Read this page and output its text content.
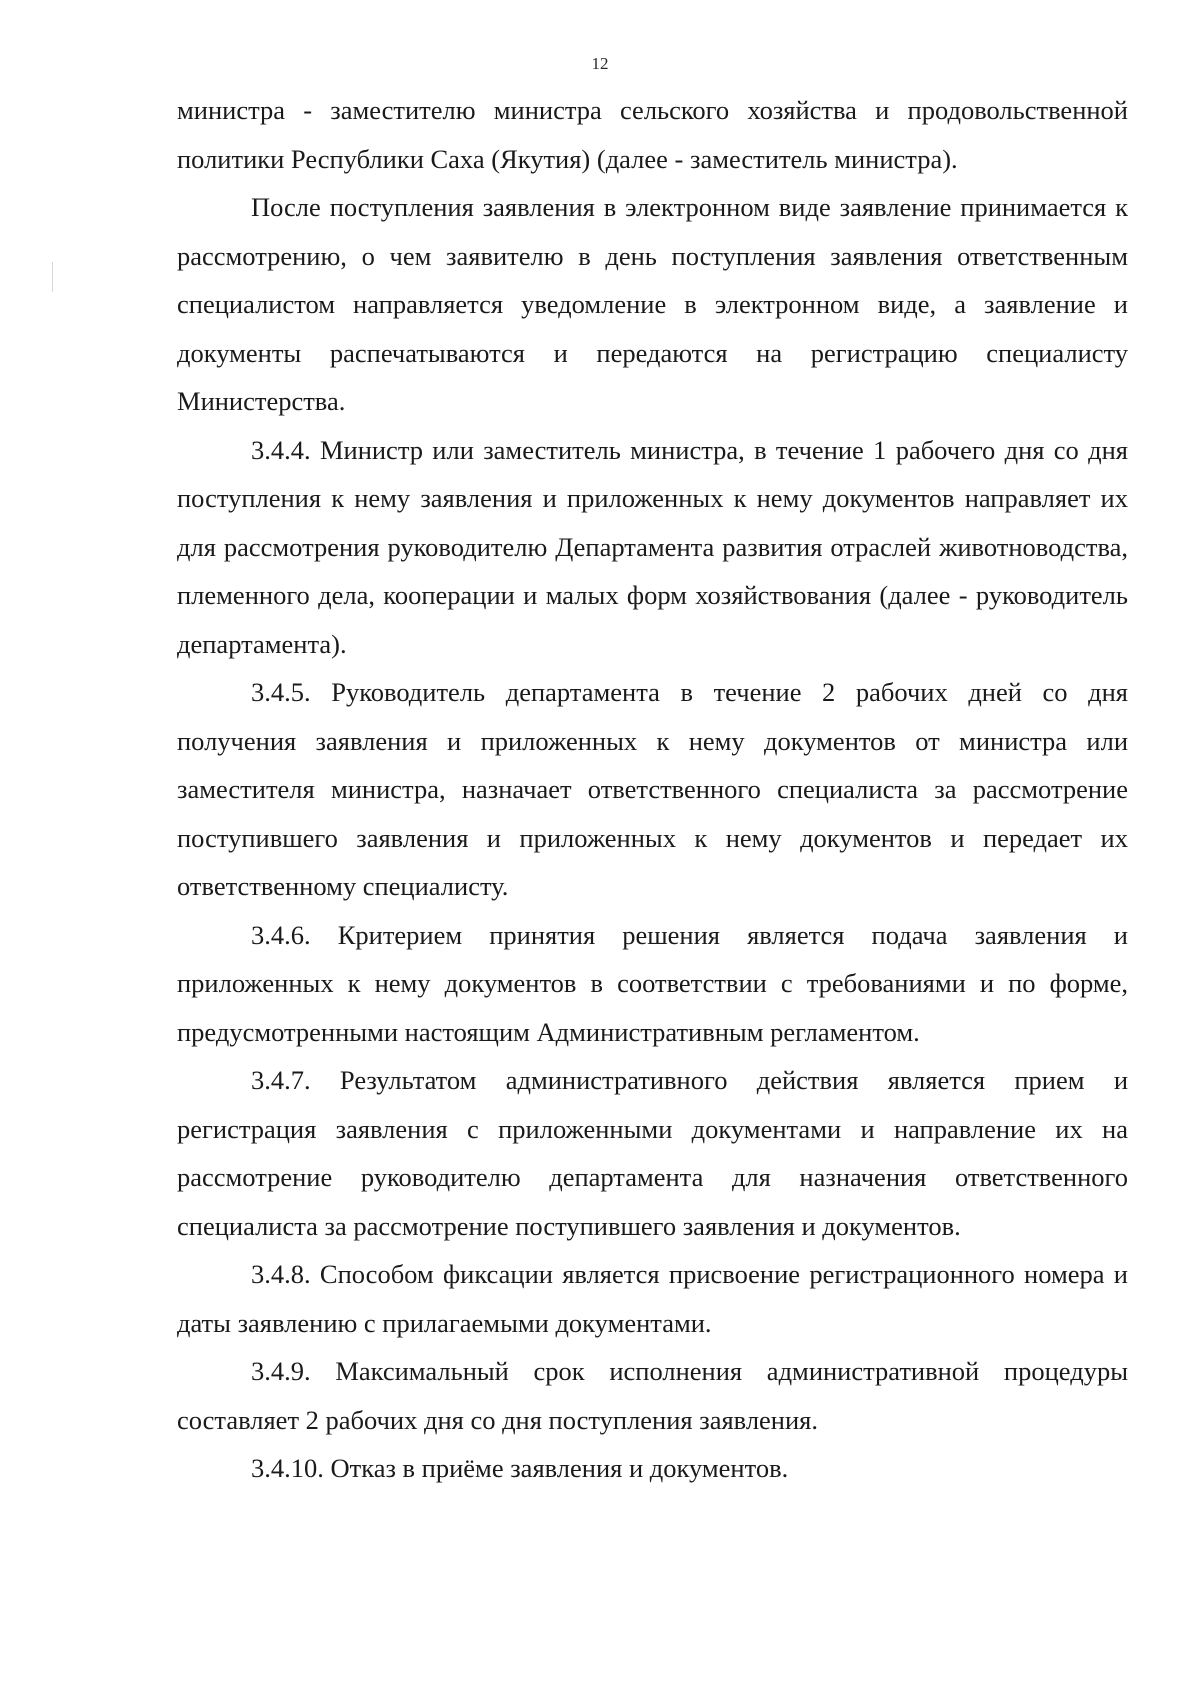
12

министра - заместителю министра сельского хозяйства и продовольственной политики Республики Саха (Якутия) (далее - заместитель министра).

После поступления заявления в электронном виде заявление принимается к рассмотрению, о чем заявителю в день поступления заявления ответственным специалистом направляется уведомление в электронном виде, а заявление и документы распечатываются и передаются на регистрацию специалисту Министерства.

3.4.4. Министр или заместитель министра, в течение 1 рабочего дня со дня поступления к нему заявления и приложенных к нему документов направляет их для рассмотрения руководителю Департамента развития отраслей животноводства, племенного дела, кооперации и малых форм хозяйствования (далее - руководитель департамента).

3.4.5. Руководитель департамента в течение 2 рабочих дней со дня получения заявления и приложенных к нему документов от министра или заместителя министра, назначает ответственного специалиста за рассмотрение поступившего заявления и приложенных к нему документов и передает их ответственному специалисту.

3.4.6. Критерием принятия решения является подача заявления и приложенных к нему документов в соответствии с требованиями и по форме, предусмотренными настоящим Административным регламентом.

3.4.7. Результатом административного действия является прием и регистрация заявления с приложенными документами и направление их на рассмотрение руководителю департамента для назначения ответственного специалиста за рассмотрение поступившего заявления и документов.

3.4.8. Способом фиксации является присвоение регистрационного номера и даты заявлению с прилагаемыми документами.

3.4.9. Максимальный срок исполнения административной процедуры составляет 2 рабочих дня со дня поступления заявления.

3.4.10. Отказ в приёме заявления и документов.
